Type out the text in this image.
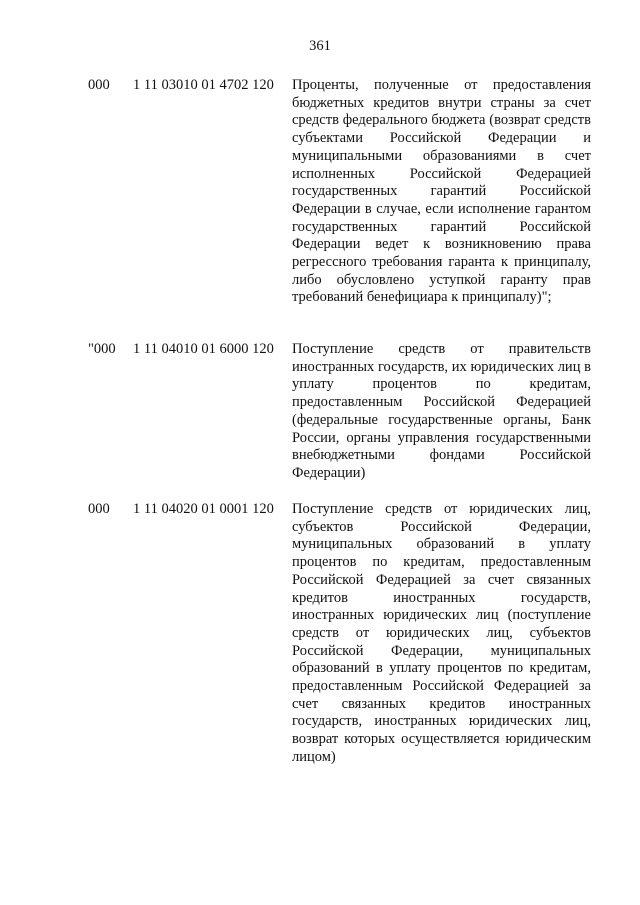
361
000 1 11 03010 01 4702 120 Проценты, полученные от предоставления бюджетных кредитов внутри страны за счет средств федерального бюджета (возврат средств субъектами Российской Федерации и муниципальными образованиями в счет исполненных Российской Федерацией государственных гарантий Российской Федерации в случае, если исполнение гарантом государственных гарантий Российской Федерации ведет к возникновению права регрессного требования гаранта к принципалу, либо обусловлено уступкой гаранту прав требований бенефициара к принципалу)";
"000 1 11 04010 01 6000 120 Поступление средств от правительств иностранных государств, их юридических лиц в уплату процентов по кредитам, предоставленным Российской Федерацией (федеральные государственные органы, Банк России, органы управления государственными внебюджетными фондами Российской Федерации)
000 1 11 04020 01 0001 120 Поступление средств от юридических лиц, субъектов Российской Федерации, муниципальных образований в уплату процентов по кредитам, предоставленным Российской Федерацией за счет связанных кредитов иностранных государств, иностранных юридических лиц (поступление средств от юридических лиц, субъектов Российской Федерации, муниципальных образований в уплату процентов по кредитам, предоставленным Российской Федерацией за счет связанных кредитов иностранных государств, иностранных юридических лиц, возврат которых осуществляется юридическим лицом)
